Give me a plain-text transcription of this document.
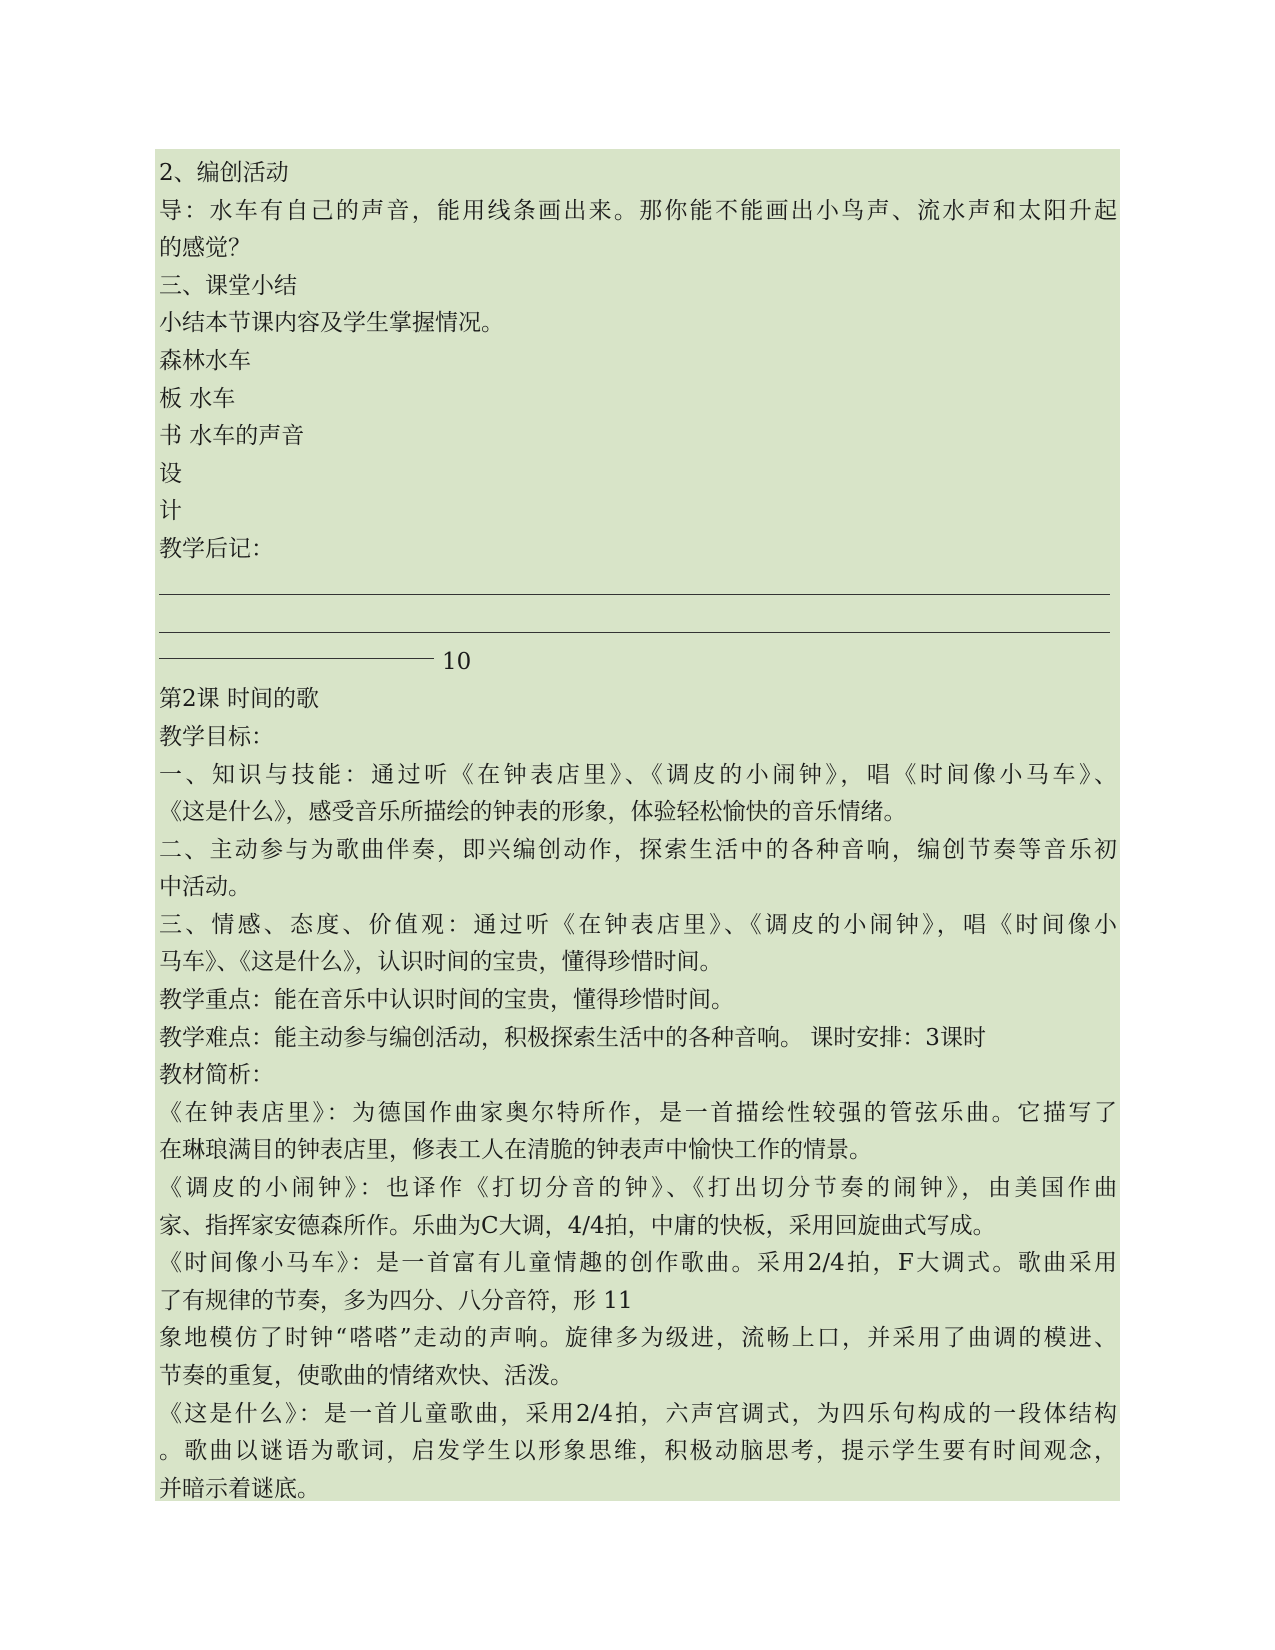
2、编创活动
导：水车有自己的声音，能用线条画出来。那你能不能画出小鸟声、流水声和太阳升起
的感觉？
三、课堂小结
小结本节课内容及学生掌握情况。
森林水车
板 水车
书 水车的声音
设
计
教学后记：
10
第2课 时间的歌
教学目标：
一、知识与技能：通过听《在钟表店里》、《调皮的小闹钟》，唱《时间像小马车》、
《这是什么》，感受音乐所描绘的钟表的形象，体验轻松愉快的音乐情绪。
二、主动参与为歌曲伴奏，即兴编创动作，探索生活中的各种音响，编创节奏等音乐初
中活动。
三、情感、态度、价值观：通过听《在钟表店里》、《调皮的小闹钟》，唱《时间像小
马车》、《这是什么》，认识时间的宝贵，懂得珍惜时间。
教学重点：能在音乐中认识时间的宝贵，懂得珍惜时间。
教学难点：能主动参与编创活动，积极探索生活中的各种音响。 课时安排：3课时
教材简析：
《在钟表店里》：为德国作曲家奥尔特所作，是一首描绘性较强的管弦乐曲。它描写了
在琳琅满目的钟表店里，修表工人在清脆的钟表声中愉快工作的情景。
《调皮的小闹钟》：也译作《打切分音的钟》、《打出切分节奏的闹钟》，由美国作曲
家、指挥家安德森所作。乐曲为C大调，4/4拍，中庸的快板，采用回旋曲式写成。
《时间像小马车》：是一首富有儿童情趣的创作歌曲。采用2/4拍，F大调式。歌曲采用
了有规律的节奏，多为四分、八分音符，形 11
象地模仿了时钟“嗒嗒”走动的声响。旋律多为级进，流畅上口，并采用了曲调的模进、
节奏的重复，使歌曲的情绪欢快、活泼。
《这是什么》：是一首儿童歌曲，采用2/4拍，六声宫调式，为四乐句构成的一段体结构
。歌曲以谜语为歌词，启发学生以形象思维，积极动脑思考，提示学生要有时间观念，
并暗示着谜底。
